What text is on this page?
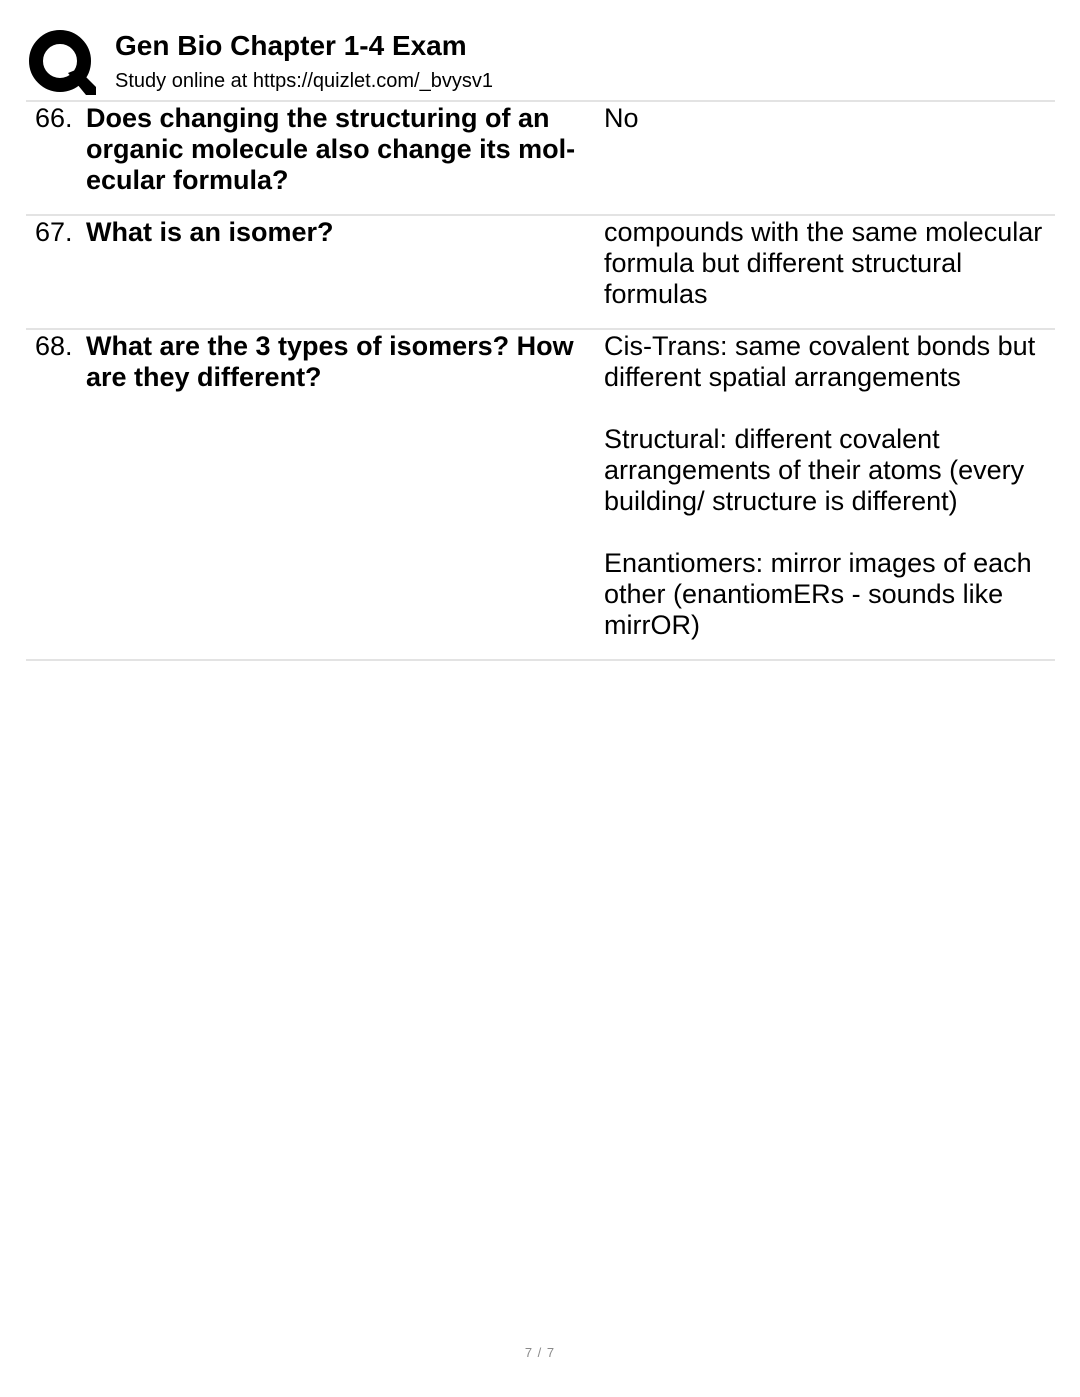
Gen Bio Chapter 1-4 Exam
Study online at https://quizlet.com/_bvysv1
66. Does changing the structuring of an organic molecule also change its molecular formula?

No

67. What is an isomer?	compounds with the same molecular formula but different structural formulas

68. What are the 3 types of isomers? How are they different?

Cis-Trans: same covalent bonds but different spatial arrangements

Structural: different covalent arrangements of their atoms (every building/ structure is different)

Enantiomers: mirror images of each other (enantiomERs - sounds like mirrOR)

7 / 7
